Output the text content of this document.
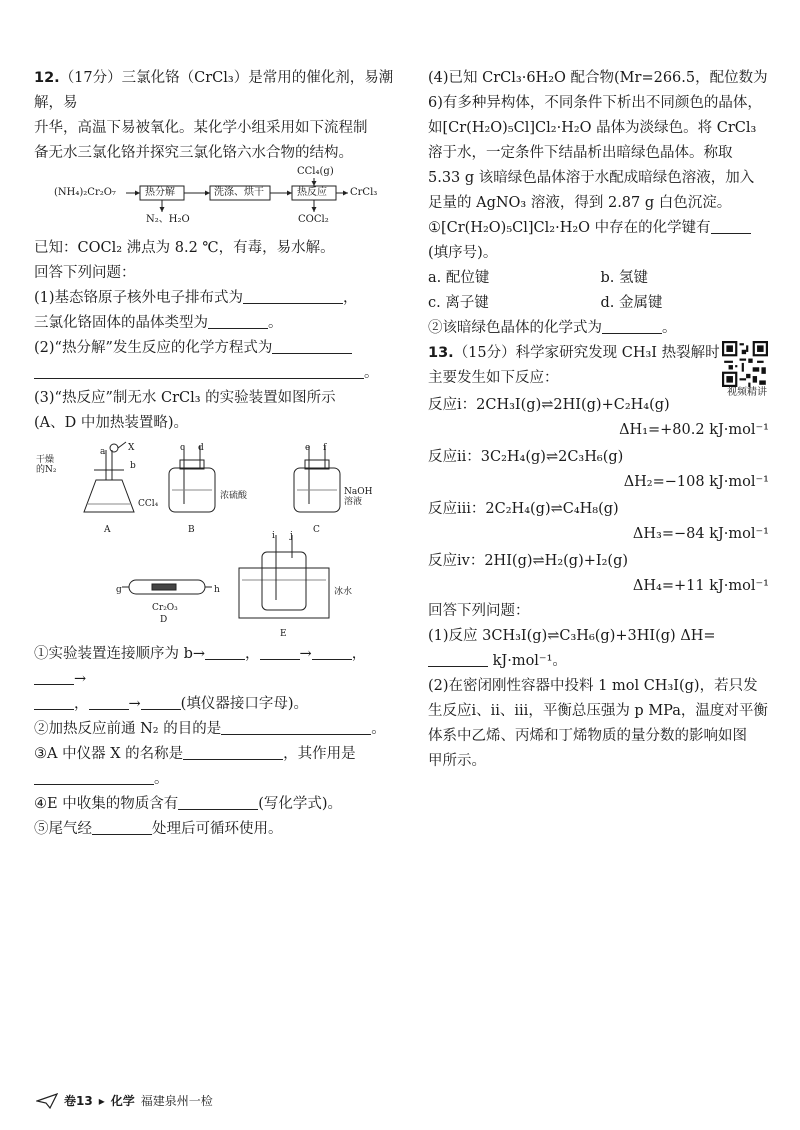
12.（17分）三氯化铬（CrCl₃）是常用的催化剂，易潮解，易

升华，高温下易被氧化。某化学小组采用如下流程制

备无水三氯化铬并探究三氯化铬六水合物的结构。

(NH₄)₂Cr₂O₇	热分解	洗涤、烘干	热反应 CrCl₃
CCl₄(g)
N₂、H₂O	COCl₂

已知：COCl₂ 沸点为 8.2 ℃，有毒，易水解。

回答下列问题：

(1)基态铬原子核外电子排布式为	，

三氯化铬固体的晶体类型为	。

(2)“热分解”发生反应的化学方程式为

。

(3)“热反应”制无水 CrCl₃ 的实验装置如图所示

(A、D 中加热装置略)。

干燥
的N₂
a
b
X
CCl₄
c d
浓硫酸
e f
NaOH
溶液
A	B	C
g	h
Cr₂O₃
D
i j
冰水
E

①实验装置连接顺序为 b→	，	→	，→

，	→	(填仪器接口字母)。

②加热反应前通 N₂ 的目的是	。

③A 中仪器 X 的名称是	，其作用是

。

④E 中收集的物质含有	(写化学式)。

⑤尾气经	处理后可循环使用。

(4)已知 CrCl₃·6H₂O 配合物(Mr=266.5，配位数为

6)有多种异构体，不同条件下析出不同颜色的晶体，

如[Cr(H₂O)₅Cl]Cl₂·H₂O 晶体为淡绿色。将 CrCl₃

溶于水，一定条件下结晶析出暗绿色晶体。称取

5.33 g 该暗绿色晶体溶于水配成暗绿色溶液，加入

足量的 AgNO₃ 溶液，得到 2.87 g 白色沉淀。

①[Cr(H₂O)₅Cl]Cl₂·H₂O 中存在的化学键有

(填序号)。

a. 配位键	b. 氢键
c. 离子键	d. 金属键

②该暗绿色晶体的化学式为	。

视频精讲

13.（15分）科学家研究发现 CH₃I 热裂解时

主要发生如下反应：

反应ⅰ：2CH₃I(g)⇌2HI(g)+C₂H₄(g)

ΔH₁=+80.2 kJ·mol⁻¹

反应ⅱ：3C₂H₄(g)⇌2C₃H₆(g)

ΔH₂=−108 kJ·mol⁻¹

反应ⅲ：2C₂H₄(g)⇌C₄H₈(g)

ΔH₃=−84 kJ·mol⁻¹

反应ⅳ：2HI(g)⇌H₂(g)+I₂(g)

ΔH₄=+11 kJ·mol⁻¹

回答下列问题：

(1)反应 3CH₃I(g)⇌C₃H₆(g)+3HI(g) ΔH=

kJ·mol⁻¹。

(2)在密闭刚性容器中投料 1 mol CH₃I(g)，若只发

生反应ⅰ、ⅱ、ⅲ，平衡总压强为 p MPa，温度对平衡

体系中乙烯、丙烯和丁烯物质的量分数的影响如图

甲所示。

卷13 ▸ 化学 福建泉州一检
